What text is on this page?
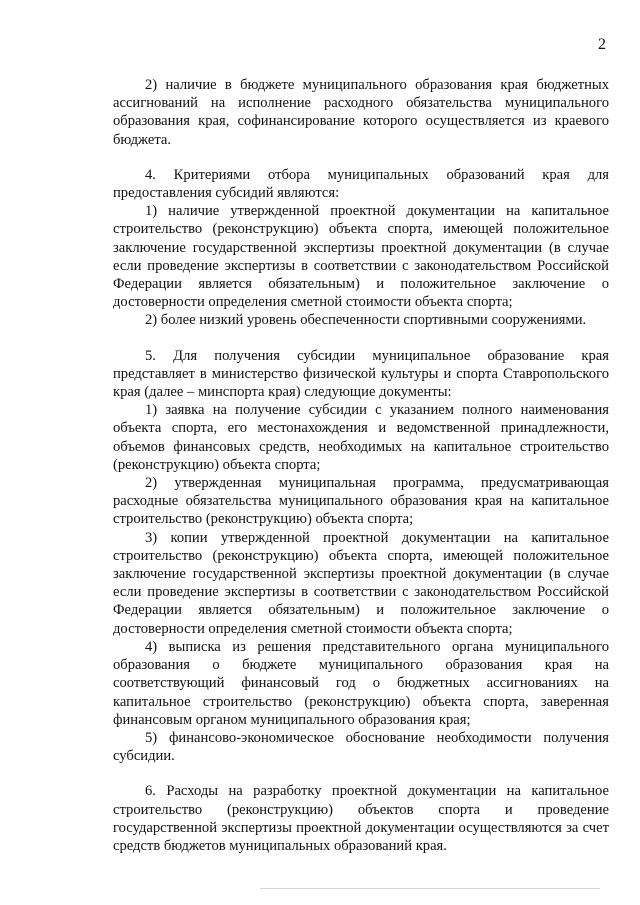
2

2) наличие в бюджете муниципального образования края бюджетных ассигнований на исполнение расходного обязательства муниципального образования края, софинансирование которого осуществляется из краевого бюджета.

4. Критериями отбора муниципальных образований края для предоставления субсидий являются:

1) наличие утвержденной проектной документации на капитальное строительство (реконструкцию) объекта спорта, имеющей положительное заключение государственной экспертизы проектной документации (в случае если проведение экспертизы в соответствии с законодательством Российской Федерации является обязательным) и положительное заключение о достоверности определения сметной стоимости объекта спорта;

2) более низкий уровень обеспеченности спортивными сооружениями.

5. Для получения субсидии муниципальное образование края представляет в министерство физической культуры и спорта Ставропольского края (далее – минспорта края) следующие документы:

1) заявка на получение субсидии с указанием полного наименования объекта спорта, его местонахождения и ведомственной принадлежности, объемов финансовых средств, необходимых на капитальное строительство (реконструкцию) объекта спорта;

2) утвержденная муниципальная программа, предусматривающая расходные обязательства муниципального образования края на капитальное строительство (реконструкцию) объекта спорта;

3) копии утвержденной проектной документации на капитальное строительство (реконструкцию) объекта спорта, имеющей положительное заключение государственной экспертизы проектной документации (в случае если проведение экспертизы в соответствии с законодательством Российской Федерации является обязательным) и положительное заключение о достоверности определения сметной стоимости объекта спорта;

4) выписка из решения представительного органа муниципального образования о бюджете муниципального образования края на соответствующий финансовый год о бюджетных ассигнованиях на капитальное строительство (реконструкцию) объекта спорта, заверенная финансовым органом муниципального образования края;

5) финансово-экономическое обоснование необходимости получения субсидии.

6. Расходы на разработку проектной документации на капитальное строительство (реконструкцию) объектов спорта и проведение государственной экспертизы проектной документации осуществляются за счет средств бюджетов муниципальных образований края.
